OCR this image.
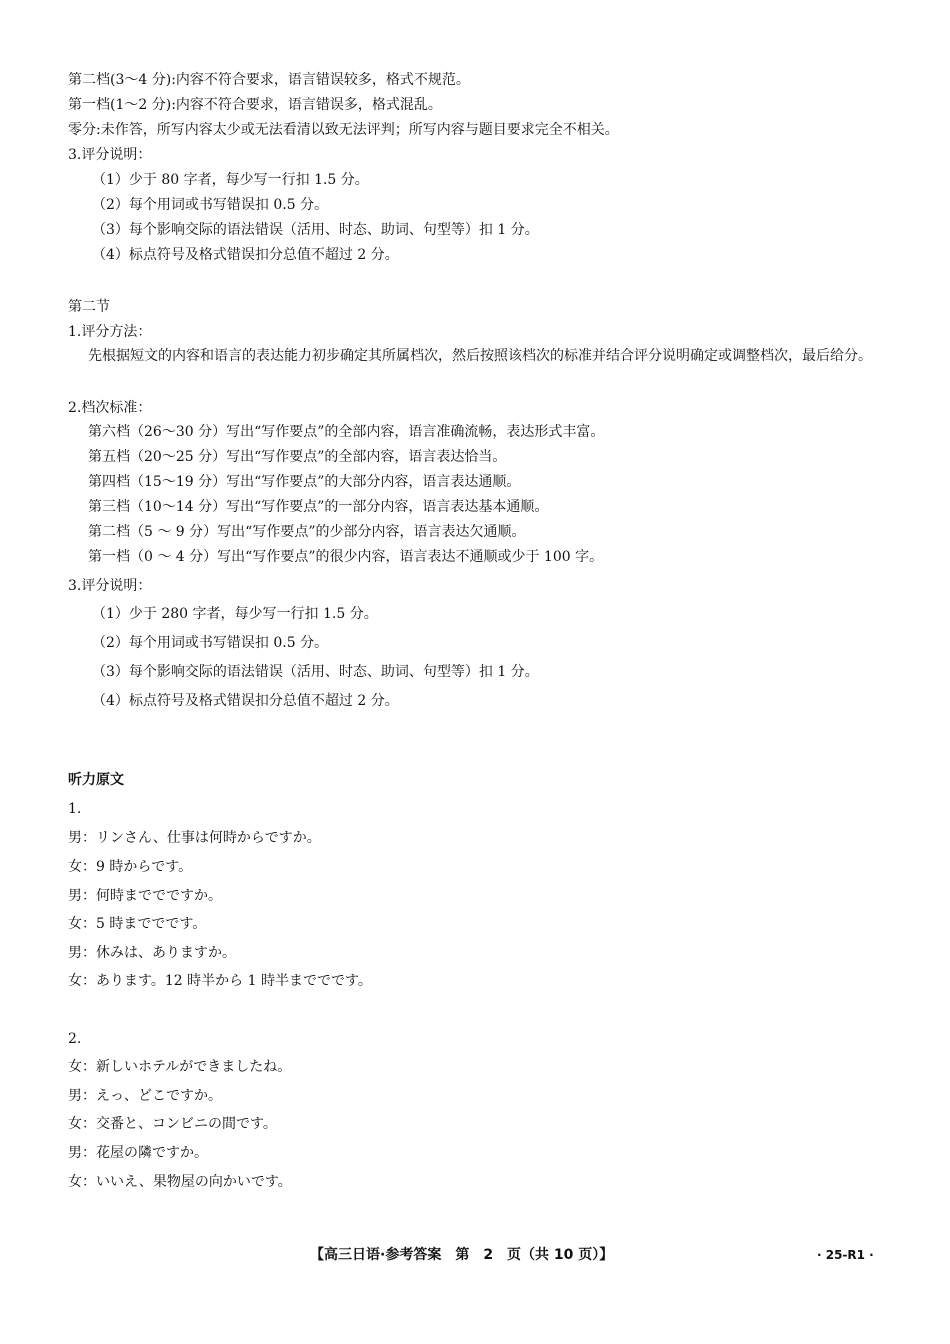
第二档(3～4 分):内容不符合要求，语言错误较多，格式不规范。

第一档(1～2 分):内容不符合要求，语言错误多，格式混乱。

零分:未作答，所写内容太少或无法看清以致无法评判；所写内容与题目要求完全不相关。

3.评分说明：

（1）少于 80 字者，每少写一行扣 1.5 分。

（2）每个用词或书写错误扣 0.5 分。

（3）每个影响交际的语法错误（活用、时态、助词、句型等）扣 1 分。

（4）标点符号及格式错误扣分总值不超过 2 分。

第二节

1.评分方法：

先根据短文的内容和语言的表达能力初步确定其所属档次，然后按照该档次的标准并结合评分说明确定或调整档次，最后给分。

2.档次标准：

第六档（26～30 分）写出“写作要点”的全部内容，语言准确流畅，表达形式丰富。

第五档（20～25 分）写出“写作要点”的全部内容，语言表达恰当。

第四档（15～19 分）写出“写作要点”的大部分内容，语言表达通顺。

第三档（10～14 分）写出“写作要点”的一部分内容，语言表达基本通顺。

第二档（5 ～ 9 分）写出“写作要点”的少部分内容，语言表达欠通顺。

第一档（0 ～ 4 分）写出“写作要点”的很少内容，语言表达不通顺或少于 100 字。

3.评分说明：

（1）少于 280 字者，每少写一行扣 1.5 分。

（2）每个用词或书写错误扣 0.5 分。

（3）每个影响交际的语法错误（活用、时态、助词、句型等）扣 1 分。

（4）标点符号及格式错误扣分总值不超过 2 分。

听力原文

1.

男：リンさん、仕事は何時からですか。

女：9 時からです。

男：何時まででですか。

女：5 時まででです。

男：休みは、ありますか。

女：あります。12 時半から 1 時半まででです。

2.

女：新しいホテルができましたね。

男：えっ、どこですか。

女：交番と、コンビニの間です。

男：花屋の隣ですか。

女：いいえ、果物屋の向かいです。

【高三日语·参考答案　第　2　页（共 10 页）】	· 25-R1 ·
